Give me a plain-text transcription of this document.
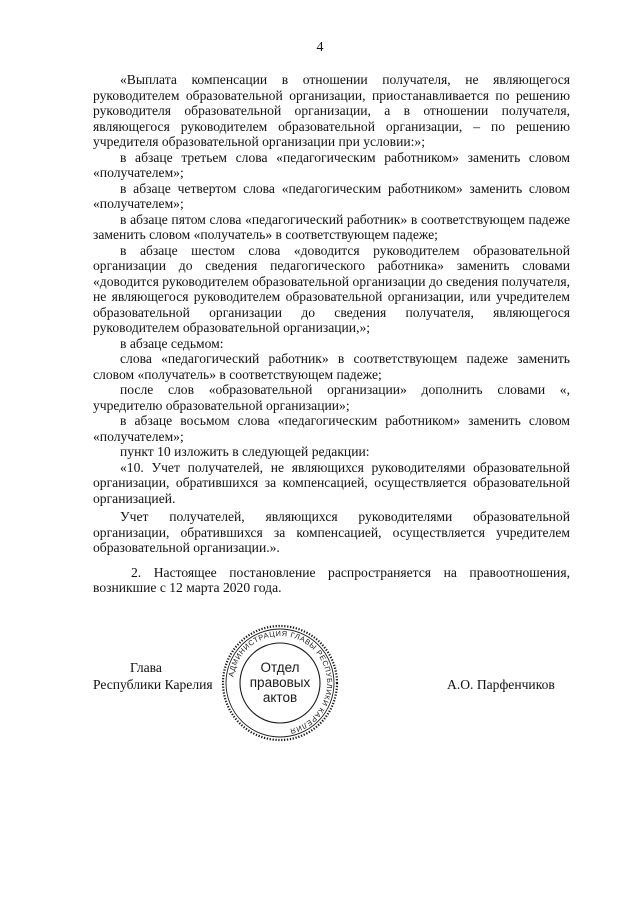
4

«Выплата компенсации в отношении получателя, не являющегося руководителем образовательной организации, приостанавливается по решению руководителя образовательной организации, а в отношении получателя, являющегося руководителем образовательной организации, – по решению учредителя образовательной организации при условии:»;

в абзаце третьем слова «педагогическим работником» заменить словом «получателем»;

в абзаце четвертом слова «педагогическим работником» заменить словом «получателем»;

в абзаце пятом слова «педагогический работник» в соответствующем падеже заменить словом «получатель» в соответствующем падеже;

в абзаце шестом слова «доводится руководителем образовательной организации до сведения педагогического работника» заменить словами «доводится руководителем образовательной организации до сведения получателя, не являющегося руководителем образовательной организации, или учредителем образовательной организации до сведения получателя, являющегося руководителем образовательной организации,»;

в абзаце седьмом:

слова «педагогический работник» в соответствующем падеже заменить словом «получатель» в соответствующем падеже;

после слов «образовательной организации» дополнить словами «, учредителю образовательной организации»;

в абзаце восьмом слова «педагогическим работником» заменить словом «получателем»;

пункт 10 изложить в следующей редакции:

«10. Учет получателей, не являющихся руководителями образовательной организации, обратившихся за компенсацией, осуществляется образовательной организацией.

Учет получателей, являющихся руководителями образовательной организации, обратившихся за компенсацией, осуществляется учредителем образовательной организации.».

2. Настоящее постановление распространяется на правоотношения, возникшие с 12 марта 2020 года.

Глава
Республики Карелия	А.О. Парфенчиков
АДМИНИСТРАЦИЯ ГЛАВЫ РЕСПУБЛИКИ КАРЕЛИЯ
Отдел
правовых
актов
